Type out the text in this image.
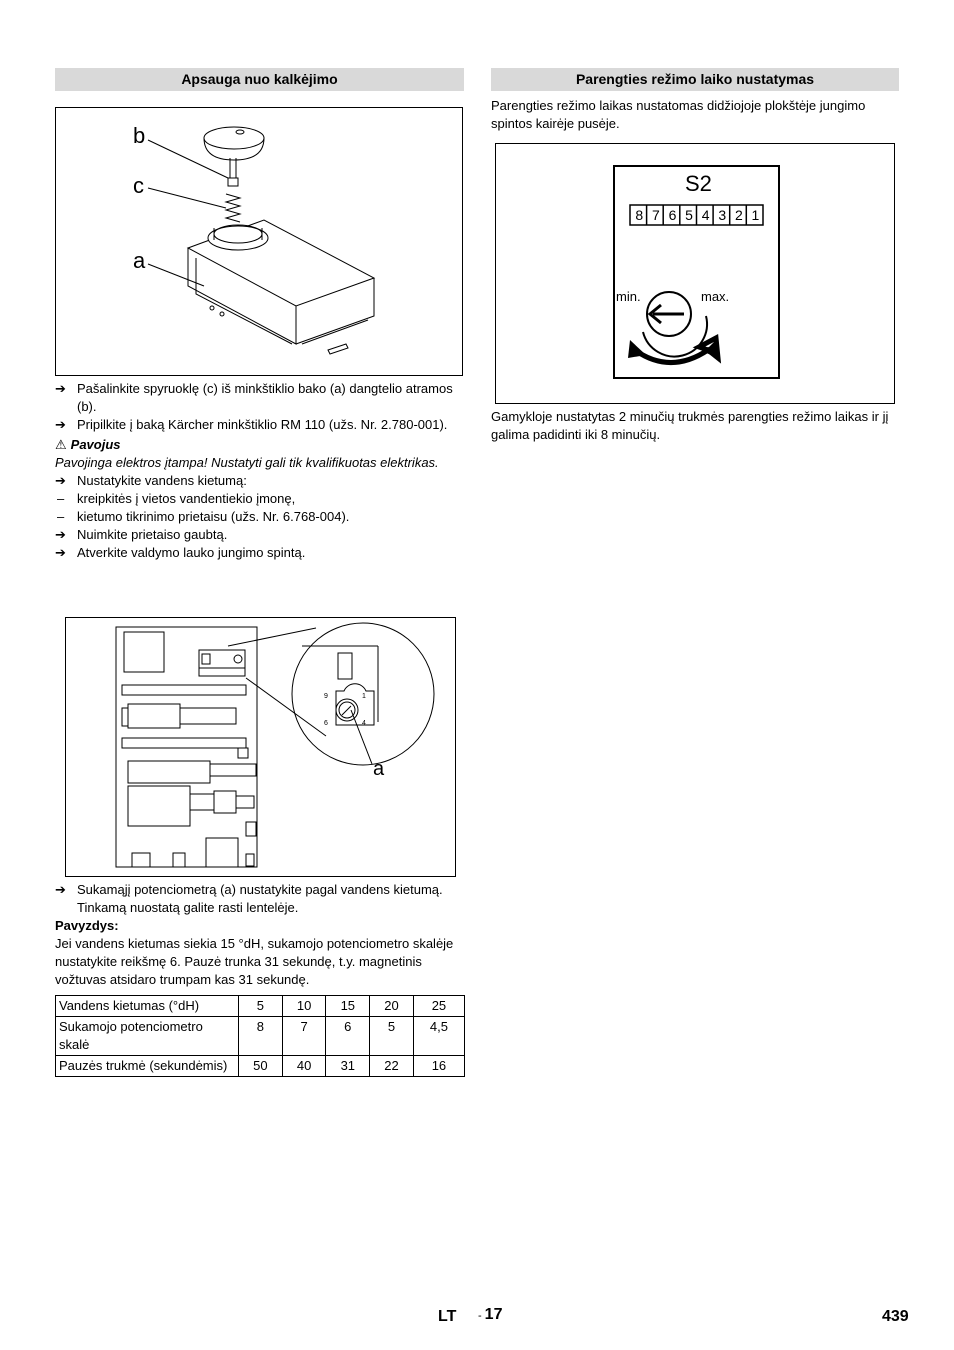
Apsauga nuo kalkėjimo
b
c
a

➔ Pašalinkite spyruoklę (c) iš minkštiklio bako (a) dangtelio atramos (b).

➔ Pripilkite į baką Kärcher minkštiklio RM 110 (užs. Nr. 2.780-001).

⚠ Pavojus

Pavojinga elektros įtampa! Nustatyti gali tik kvalifikuotas elektrikas.

➔ Nustatykite vandens kietumą:

– kreipkitės į vietos vandentiekio įmonę,

– kietumo tikrinimo prietaisu (užs. Nr. 6.768-004).

➔ Nuimkite prietaiso gaubtą.

➔ Atverkite valdymo lauko jungimo spintą.

9	1
6	4
a

➔ Sukamąjį potenciometrą (a) nustatykite pagal vandens kietumą. Tinkamą nuostatą galite rasti lentelėje.

Pavyzdys:

Jei vandens kietumas siekia 15 °dH, sukamojo potenciometro skalėje nustatykite reikšmę 6. Pauzė trunka 31 sekundę, t.y. magnetinis vožtuvas atsidaro trumpam kas 31 sekundę.

Vandens kietumas (°dH)	5	10	15	20	25
Sukamojo potenciometro skalė	8	7	6	5	4,5
Pauzės trukmė (sekundėmis)	50	40	31	22	16
Parengties režimo laiko nustatymas

Parengties režimo laikas nustatomas didžiojoje plokštėje jungimo spintos kairėje pusėje.

S2
8 7 6 5 4 3 2 1
min.	max.

Gamykloje nustatytas 2 minučių trukmės parengties režimo laikas ir jį galima padidinti iki 8 minučių.

LT - 17	439
